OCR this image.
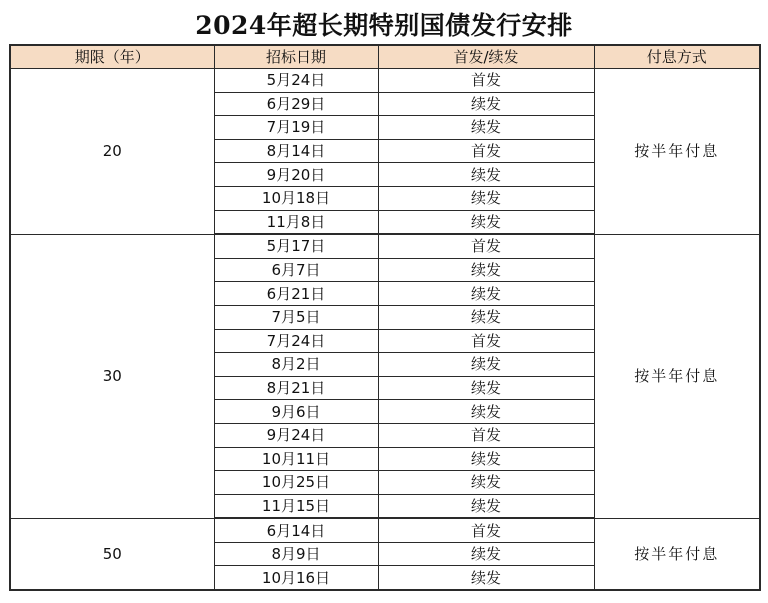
2024年超长期特别国债发行安排
期限（年）	招标日期	首发/续发	付息方式
20	5月24日	首发	按半年付息
	6月29日	续发	
	7月19日	续发	
	8月14日	首发	
	9月20日	续发	
	10月18日	续发	
	11月8日	续发	
30	5月17日	首发	按半年付息
	6月7日	续发	
	6月21日	续发	
	7月5日	续发	
	7月24日	首发	
	8月2日	续发	
	8月21日	续发	
	9月6日	续发	
	9月24日	首发	
	10月11日	续发	
	10月25日	续发	
	11月15日	续发	
50	6月14日	首发	按半年付息
	8月9日	续发	
	10月16日	续发	
